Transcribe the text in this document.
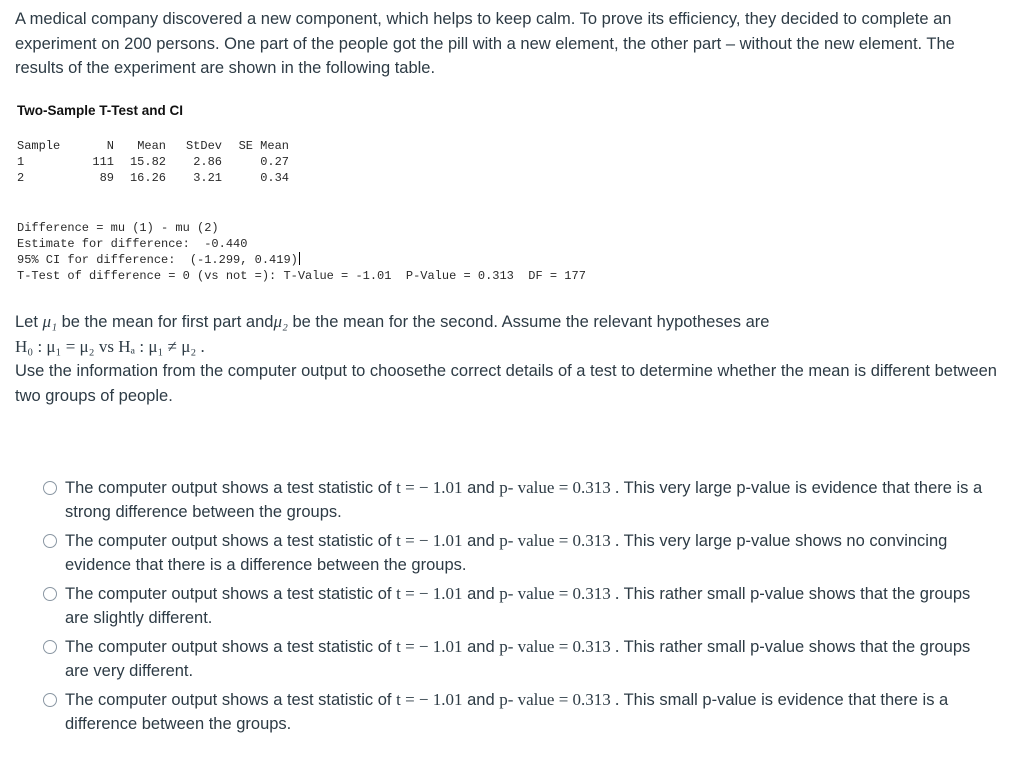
A medical company discovered a new component, which helps to keep calm. To prove its efficiency, they decided to complete an experiment on 200 persons. One part of the people got the pill with a new element, the other part – without the new element. The results of the experiment are shown in the following table.
Two-Sample T-Test and CI
Sample	N	Mean	StDev	SE Mean
1	111	15.82	2.86	0.27
2	89	16.26	3.21	0.34
Difference = mu (1) - mu (2)
Estimate for difference:  -0.440
95% CI for difference:  (-1.299, 0.419)
T-Test of difference = 0 (vs not =): T-Value = -1.01  P-Value = 0.313  DF = 177
Let μ₁ be the mean for first part andμ₂ be the mean for the second. Assume the relevant hypotheses are
H₀ : μ₁ = μ₂ vs Hₐ : μ₁ ≠ μ₂ .
Use the information from the computer output to choosethe correct details of a test to determine whether the mean is different between two groups of people.
The computer output shows a test statistic of t = − 1.01 and p- value = 0.313 . This very large p-value is evidence that there is a strong difference between the groups.
The computer output shows a test statistic of t = − 1.01 and p- value = 0.313 . This very large p-value shows no convincing evidence that there is a difference between the groups.
The computer output shows a test statistic of t = − 1.01 and p- value = 0.313 . This rather small p-value shows that the groups are slightly different.
The computer output shows a test statistic of t = − 1.01 and p- value = 0.313 . This rather small p-value shows that the groups are very different.
The computer output shows a test statistic of t = − 1.01 and p- value = 0.313 . This small p-value is evidence that there is a difference between the groups.
